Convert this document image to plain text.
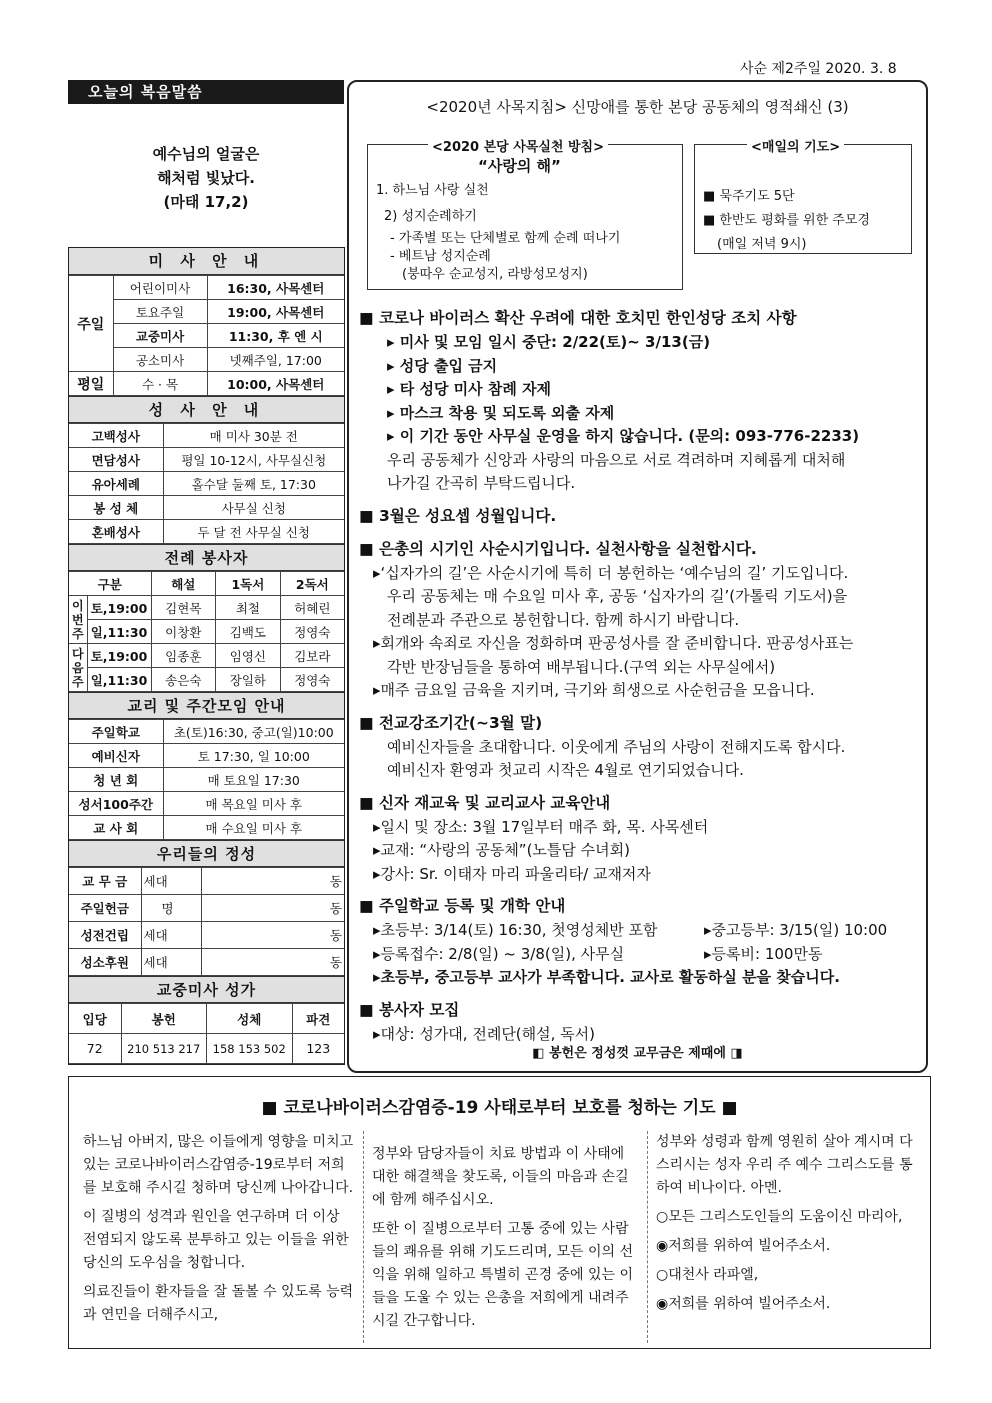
사순 제2주일 2020. 3. 8
오늘의 복음말씀
예수님의 얼굴은
해처럼 빛났다.
(마태 17,2)
미 사 안 내
주일	어린이미사	16:30, 사목센터
	토요주일	19:00, 사목센터
	교중미사	11:30, 후 엔 시
	공소미사	넷째주일, 17:00
평일	수 · 목	10:00, 사목센터
성 사 안 내
고백성사	매 미사 30분 전
면담성사	평일 10-12시, 사무실신청
유아세례	홀수달 둘째 토, 17:30
봉 성 체	사무실 신청
혼배성사	두 달 전 사무실 신청
전례 봉사자
구분		해설	1독서	2독서
이번주	토,19:00	김현목	최철	허혜린
	일,11:30	이창환	김백도	정영숙
다음주	토,19:00	임종훈	임영신	김보라
	일,11:30	송은숙	장일하	정영숙
교리 및 주간모임 안내
주일학교	초(토)16:30, 중고(일)10:00
예비신자	토 17:30, 일 10:00
청 년 회	매 토요일 17:30
성서100주간	매 목요일 미사 후
교 사 회	매 수요일 미사 후
우리들의 정성
교 무 금	세대	동
주일헌금	명	동
성전건립	세대	동
성소후원	세대	동
교중미사 성가
입당	봉헌	성체	파견
72	210 513 217	158 153 502	123
<2020년 사목지침> 신망애를 통한 본당 공동체의 영적쇄신 (3)
<2020 본당 사목실천 방침>
“사랑의 해”
1. 하느님 사랑 실천
2) 성지순례하기
- 가족별 또는 단체별로 함께 순례 떠나기
- 베트남 성지순례
(붕따우 순교성지, 라방성모성지)
<매일의 기도>
■ 묵주기도 5단
■ 한반도 평화를 위한 주모경
(매일 저녁 9시)
■ 코로나 바이러스 확산 우려에 대한 호치민 한인성당 조치 사항
▸ 미사 및 모임 일시 중단: 2/22(토)~ 3/13(금)
▸ 성당 출입 금지
▸ 타 성당 미사 참례 자제
▸ 마스크 착용 및 되도록 외출 자제
▸ 이 기간 동안 사무실 운영을 하지 않습니다. (문의: 093-776-2233)
우리 공동체가 신앙과 사랑의 마음으로 서로 격려하며 지혜롭게 대처해
나가길 간곡히 부탁드립니다.
■ 3월은 성요셉 성월입니다.
■ 은총의 시기인 사순시기입니다. 실천사항을 실천합시다.
▸‘십자가의 길’은 사순시기에 특히 더 봉헌하는 ‘예수님의 길’ 기도입니다.
우리 공동체는 매 수요일 미사 후, 공동 ‘십자가의 길’(가톨릭 기도서)을
전례분과 주관으로 봉헌합니다. 함께 하시기 바랍니다.
▸회개와 속죄로 자신을 정화하며 판공성사를 잘 준비합니다. 판공성사표는
각반 반장님들을 통하여 배부됩니다.(구역 외는 사무실에서)
▸매주 금요일 금육을 지키며, 극기와 희생으로 사순헌금을 모읍니다.
■ 전교강조기간(~3월 말)
예비신자들을 초대합니다. 이웃에게 주님의 사랑이 전해지도록 합시다.
예비신자 환영과 첫교리 시작은 4월로 연기되었습니다.
■ 신자 재교육 및 교리교사 교육안내
▸일시 및 장소: 3월 17일부터 매주 화, 목. 사목센터
▸교재: “사랑의 공동체”(노틀담 수녀회)
▸강사: Sr. 이태자 마리 파울리타/ 교재저자
■ 주일학교 등록 및 개학 안내
▸초등부: 3/14(토) 16:30, 첫영성체반 포함	▸중고등부: 3/15(일) 10:00
▸등록접수: 2/8(일) ~ 3/8(일), 사무실	▸등록비: 100만동
▸초등부, 중고등부 교사가 부족합니다. 교사로 활동하실 분을 찾습니다.
■ 봉사자 모집
▸대상: 성가대, 전례단(해설, 독서)
◧ 봉헌은 정성껏 교무금은 제때에 ◨
■ 코로나바이러스감염증-19 사태로부터 보호를 청하는 기도 ■

하느님 아버지, 많은 이들에게 영향을 미치고 있는 코로나바이러스감염증-19로부터 저희를 보호해 주시길 청하며 당신께 나아갑니다.

이 질병의 성격과 원인을 연구하며 더 이상 전염되지 않도록 분투하고 있는 이들을 위한 당신의 도우심을 청합니다.

의료진들이 환자들을 잘 돌볼 수 있도록 능력과 연민을 더해주시고,

정부와 담당자들이 치료 방법과 이 사태에 대한 해결책을 찾도록, 이들의 마음과 손길에 함께 해주십시오.

또한 이 질병으로부터 고통 중에 있는 사람들의 쾌유를 위해 기도드리며, 모든 이의 선익을 위해 일하고 특별히 곤경 중에 있는 이들을 도울 수 있는 은총을 저희에게 내려주시길 간구합니다.

성부와 성령과 함께 영원히 살아 계시며 다스리시는 성자 우리 주 예수 그리스도를 통하여 비나이다. 아멘.

○모든 그리스도인들의 도움이신 마리아,

◉저희를 위하여 빌어주소서.

○대천사 라파엘,

◉저희를 위하여 빌어주소서.
